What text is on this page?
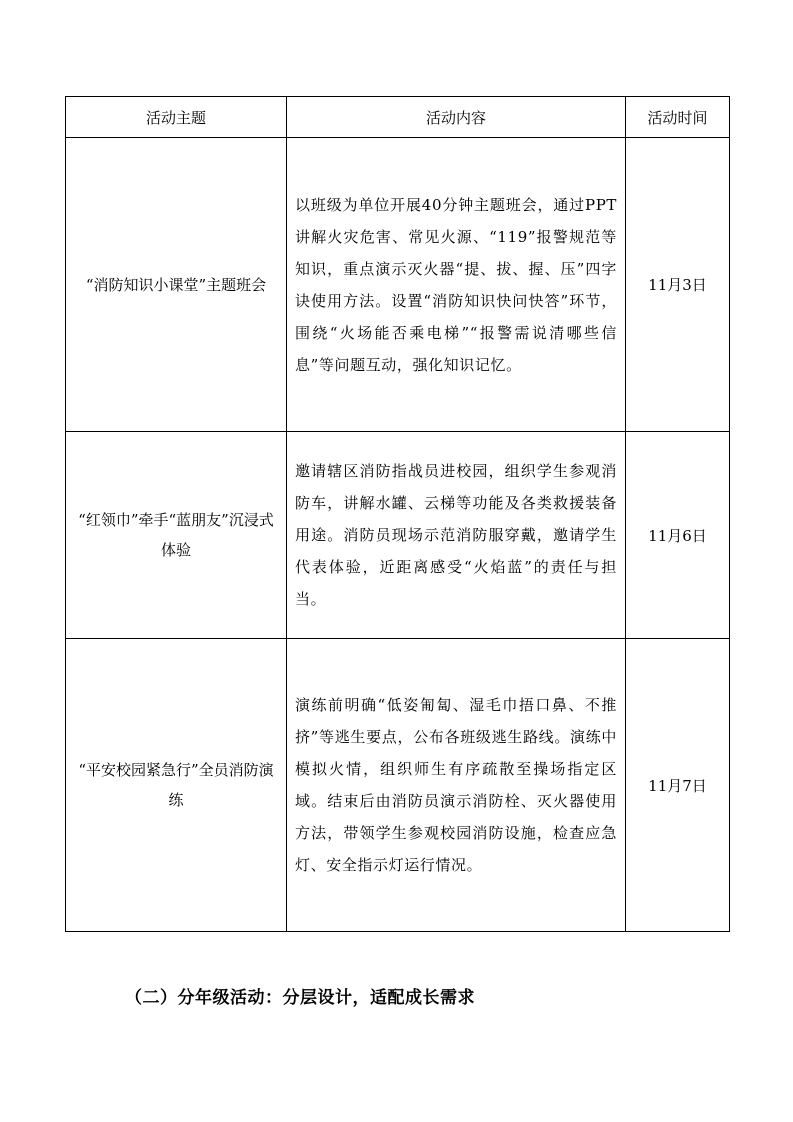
活动主题	活动内容	活动时间
“消防知识小课堂”主题班会	以班级为单位开展40分钟主题班会，通过PPT讲解火灾危害、常见火源、“119”报警规范等知识，重点演示灭火器“提、拔、握、压”四字诀使用方法。设置“消防知识快问快答”环节，围绕“火场能否乘电梯”“报警需说清哪些信息”等问题互动，强化知识记忆。	11月3日
“红领巾”牵手“蓝朋友”沉浸式体验	邀请辖区消防指战员进校园，组织学生参观消防车，讲解水罐、云梯等功能及各类救援装备用途。消防员现场示范消防服穿戴，邀请学生代表体验，近距离感受“火焰蓝”的责任与担当。	11月6日
“平安校园紧急行”全员消防演练	演练前明确“低姿匍匐、湿毛巾捂口鼻、不推挤”等逃生要点，公布各班级逃生路线。演练中模拟火情，组织师生有序疏散至操场指定区域。结束后由消防员演示消防栓、灭火器使用方法，带领学生参观校园消防设施，检查应急灯、安全指示灯运行情况。	11月7日
（二）分年级活动：分层设计，适配成长需求
